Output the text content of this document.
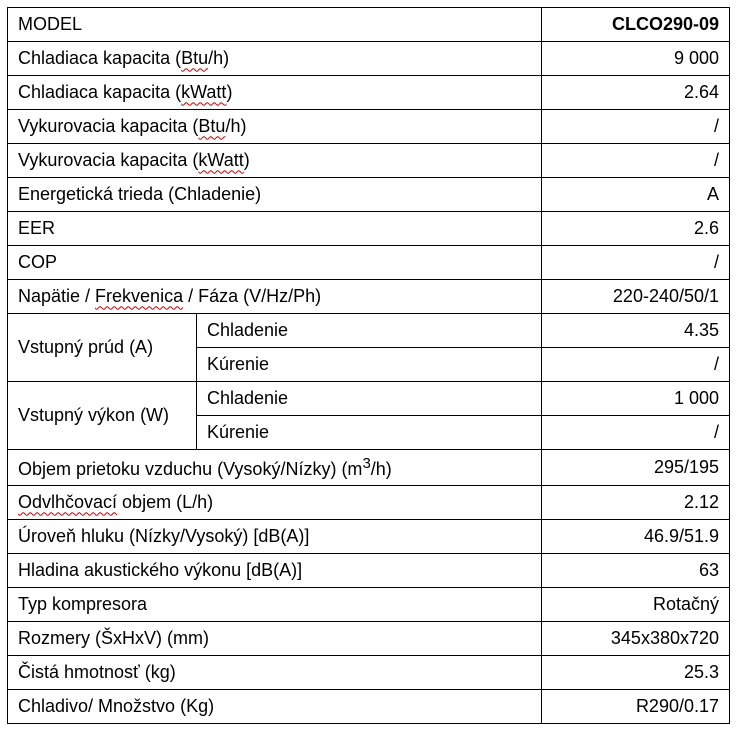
MODEL		CLCO290-09
Chladiaca kapacita (Btu/h)		9 000
Chladiaca kapacita (kWatt)		2.64
Vykurovacia kapacita (Btu/h)		/
Vykurovacia kapacita (kWatt)		/
Energetická trieda (Chladenie)		A
EER		2.6
COP		/
Napätie / Frekvenica / Fáza (V/Hz/Ph)		220-240/50/1
Vstupný prúd (A)	Chladenie	4.35
	Kúrenie	/
Vstupný výkon (W)	Chladenie	1 000
	Kúrenie	/
Objem prietoku vzduchu (Vysoký/Nízky) $(m^3/h)$		295/195
Odvlhčovací objem (L/h)		2.12
Úroveň hluku (Nízky/Vysoký) [dB(A)]		46.9/51.9
Hladina akustického výkonu [dB(A)]		63
Typ kompresora		Rotačný
Rozmery (ŠxHxV) (mm)		345x380x720
Čistá hmotnosť (kg)		25.3
Chladivo/ Množstvo (Kg)		R290/0.17
